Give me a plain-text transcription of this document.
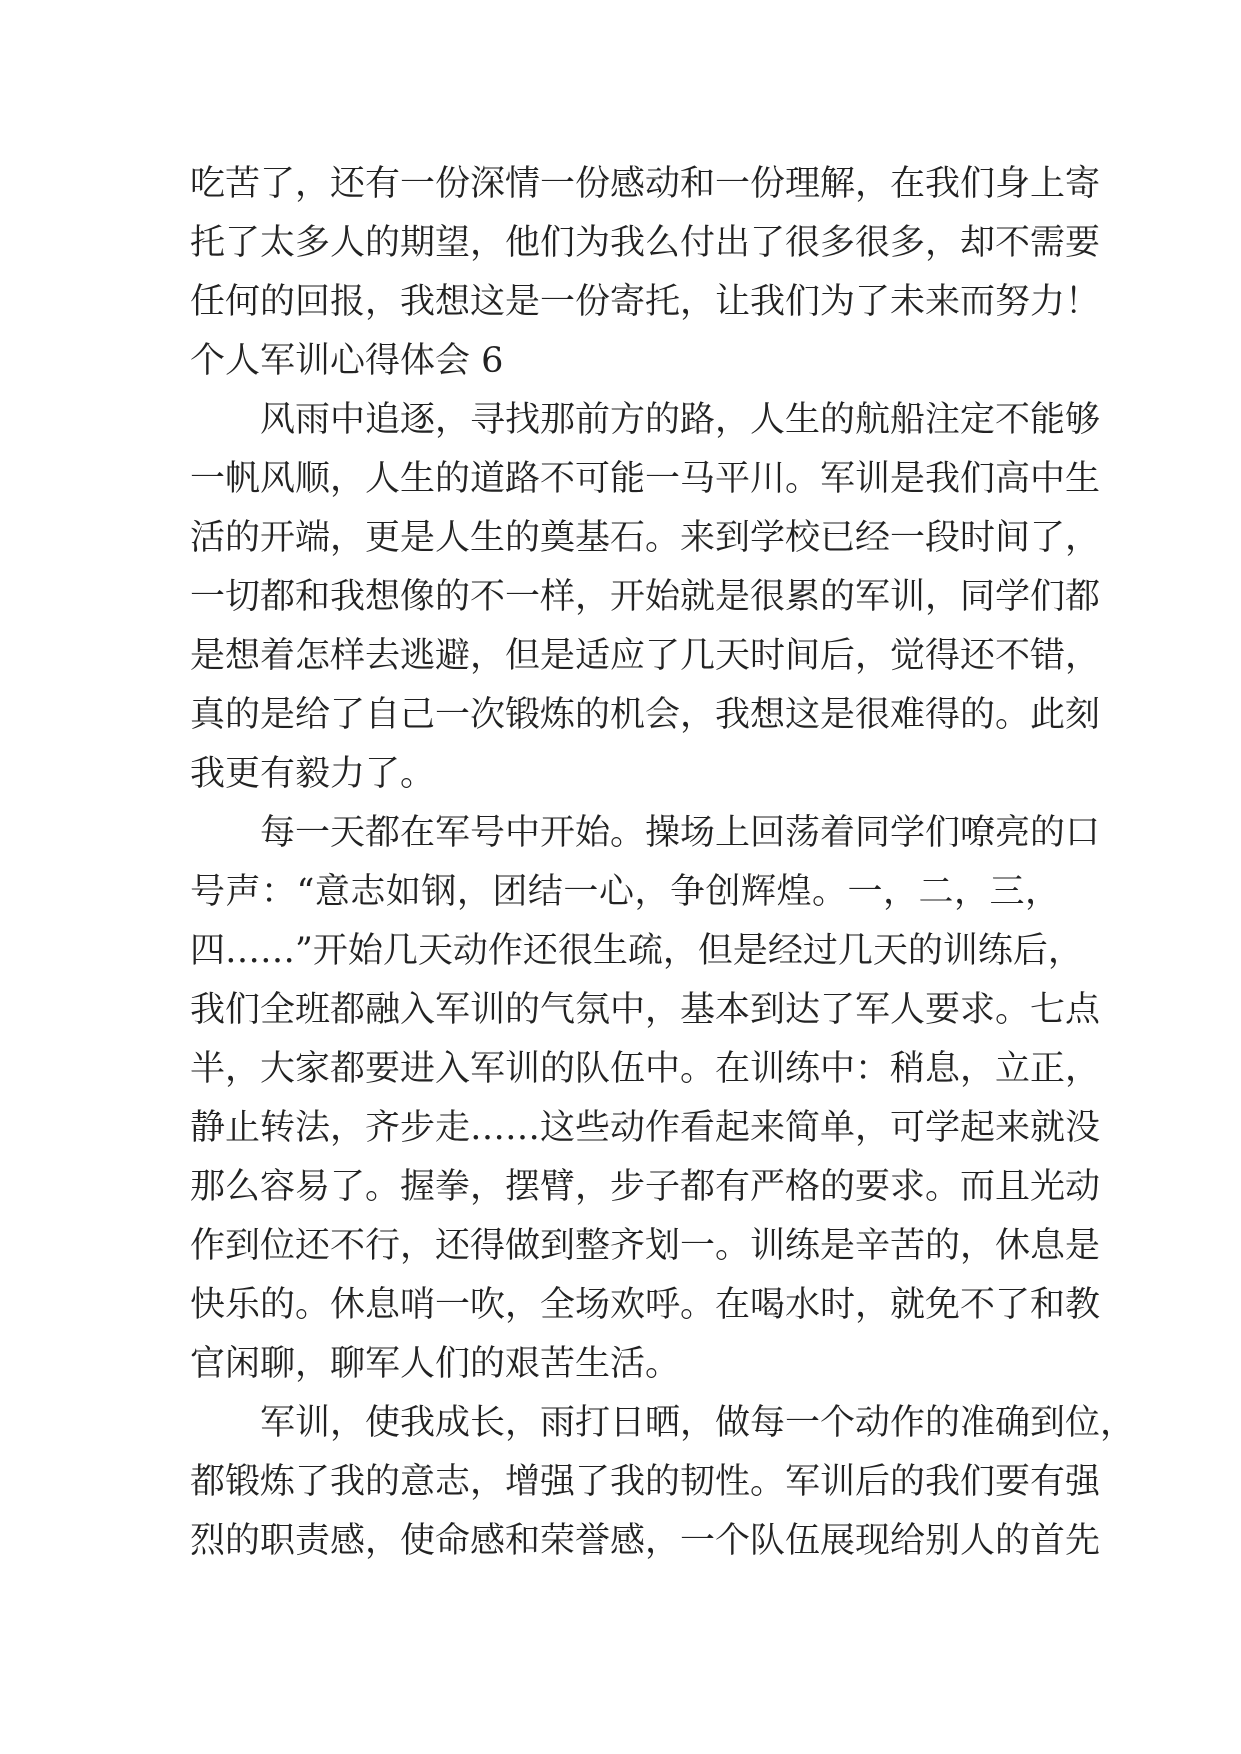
吃苦了，还有一份深情一份感动和一份理解，在我们身上寄
托了太多人的期望，他们为我么付出了很多很多，却不需要
任何的回报，我想这是一份寄托，让我们为了未来而努力！
个人军训心得体会 6
风雨中追逐，寻找那前方的路，人生的航船注定不能够
一帆风顺，人生的道路不可能一马平川。军训是我们高中生
活的开端，更是人生的奠基石。来到学校已经一段时间了，
一切都和我想像的不一样，开始就是很累的军训，同学们都
是想着怎样去逃避，但是适应了几天时间后，觉得还不错，
真的是给了自己一次锻炼的机会，我想这是很难得的。此刻
我更有毅力了。
每一天都在军号中开始。操场上回荡着同学们嘹亮的口
号声：“意志如钢，团结一心，争创辉煌。一，二，三，
四……”开始几天动作还很生疏，但是经过几天的训练后，
我们全班都融入军训的气氛中，基本到达了军人要求。七点
半，大家都要进入军训的队伍中。在训练中：稍息，立正，
静止转法，齐步走……这些动作看起来简单，可学起来就没
那么容易了。握拳，摆臂，步子都有严格的要求。而且光动
作到位还不行，还得做到整齐划一。训练是辛苦的，休息是
快乐的。休息哨一吹，全场欢呼。在喝水时，就免不了和教
官闲聊，聊军人们的艰苦生活。
军训，使我成长，雨打日晒，做每一个动作的准确到位，
都锻炼了我的意志，增强了我的韧性。军训后的我们要有强
烈的职责感，使命感和荣誉感，一个队伍展现给别人的首先
